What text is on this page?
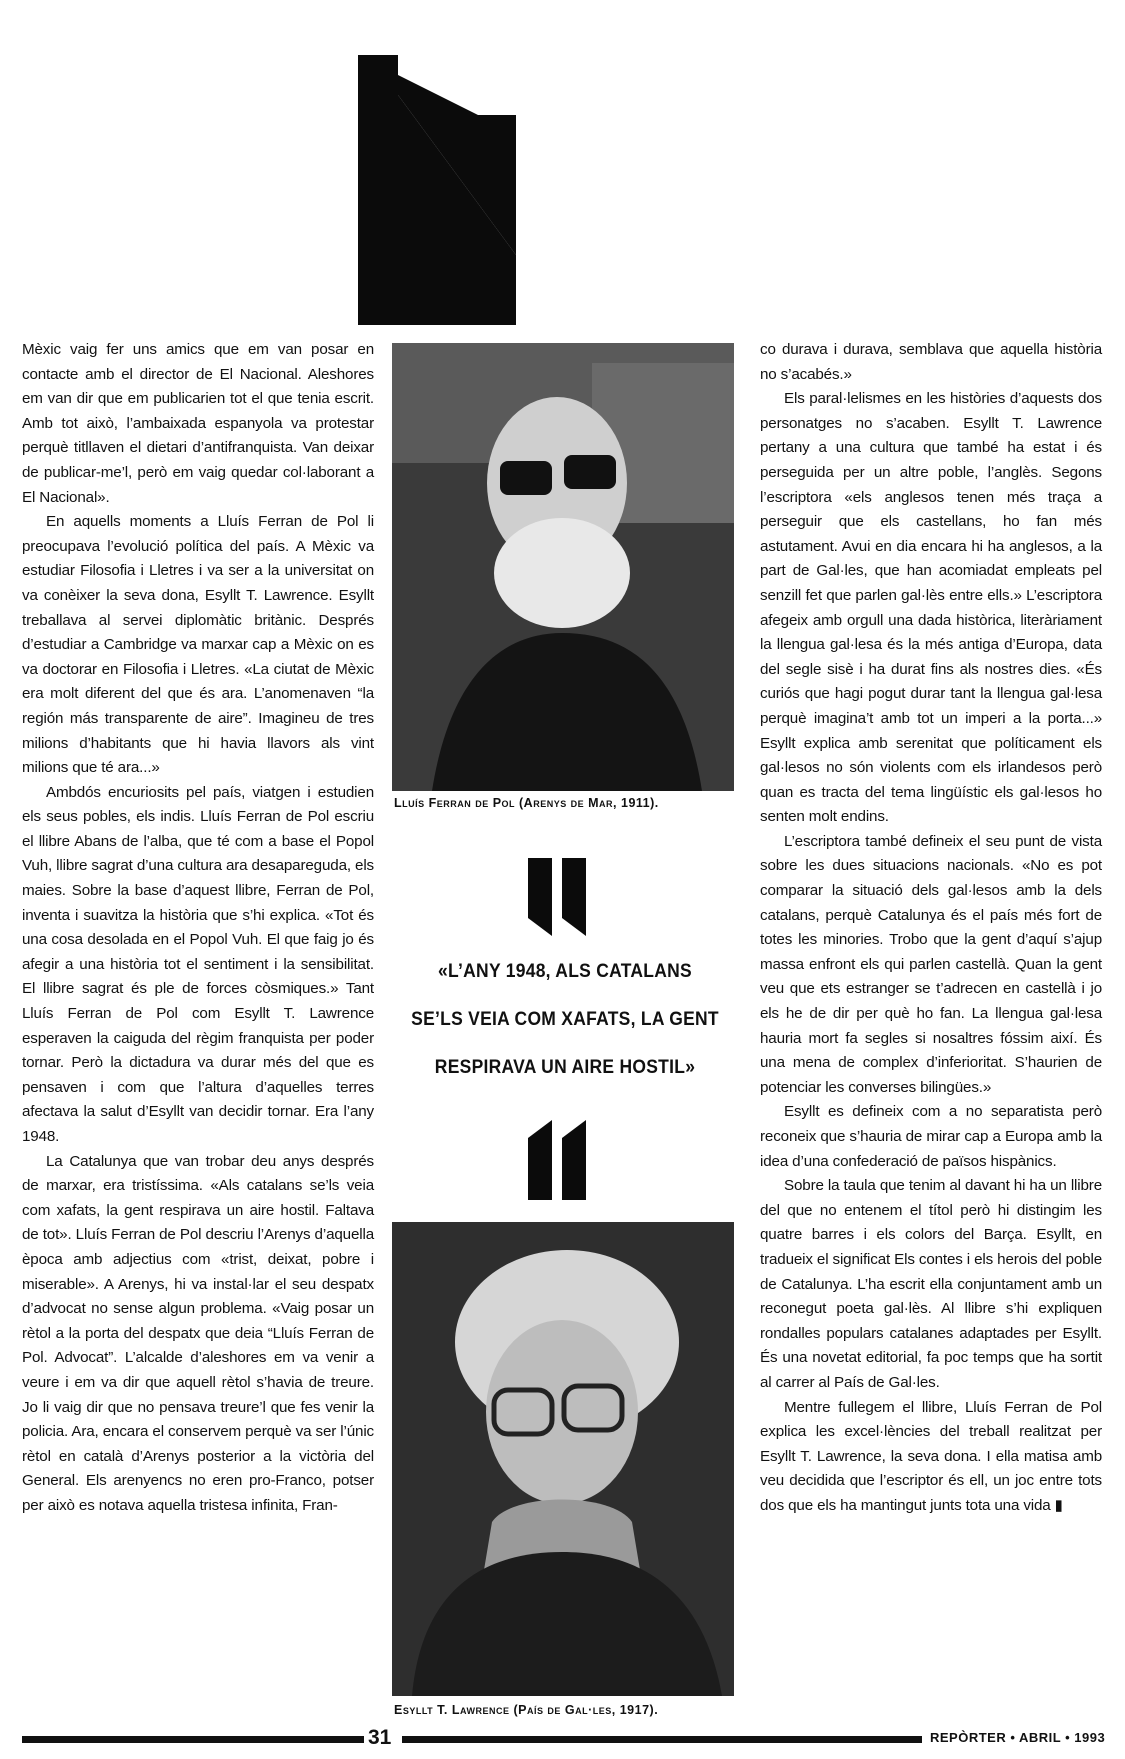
Mèxic vaig fer uns amics que em van posar en contacte amb el director de El Nacional. Aleshores em van dir que em publicarien tot el que tenia escrit. Amb tot això, l’ambaixada espanyola va protestar perquè titllaven el dietari d’antifranquista. Van deixar de publicar-me’l, però em vaig quedar col·laborant a El Nacional».

En aquells moments a Lluís Ferran de Pol li preocupava l’evolució política del país. A Mèxic va estudiar Filosofia i Lletres i va ser a la universitat on va conèixer la seva dona, Esyllt T. Lawrence. Esyllt treballava al servei diplomàtic britànic. Després d’estudiar a Cambridge va marxar cap a Mèxic on es va doctorar en Filosofia i Lletres. «La ciutat de Mèxic era molt diferent del que és ara. L’anomenaven “la región más transparente de aire”. Imagineu de tres milions d’habitants que hi havia llavors als vint milions que té ara...»

Ambdós encuriosits pel país, viatgen i estudien els seus pobles, els indis. Lluís Ferran de Pol escriu el llibre Abans de l’alba, que té com a base el Popol Vuh, llibre sagrat d’una cultura ara desapareguda, els maies. Sobre la base d’aquest llibre, Ferran de Pol, inventa i suavitza la història que s’hi explica. «Tot és una cosa desolada en el Popol Vuh. El que faig jo és afegir a una història tot el sentiment i la sensibilitat. El llibre sagrat és ple de forces còsmiques.» Tant Lluís Ferran de Pol com Esyllt T. Lawrence esperaven la caiguda del règim franquista per poder tornar. Però la dictadura va durar més del que es pensaven i com que l’altura d’aquelles terres afectava la salut d’Esyllt van decidir tornar. Era l’any 1948.

La Catalunya que van trobar deu anys després de marxar, era tristíssima. «Als catalans se’ls veia com xafats, la gent respirava un aire hostil. Faltava de tot». Lluís Ferran de Pol descriu l’Arenys d’aquella època amb adjectius com «trist, deixat, pobre i miserable». A Arenys, hi va instal·lar el seu despatx d’advocat no sense algun problema. «Vaig posar un rètol a la porta del despatx que deia “Lluís Ferran de Pol. Advocat”. L’alcalde d’aleshores em va venir a veure i em va dir que aquell rètol s’havia de treure. Jo li vaig dir que no pensava treure’l que fes venir la policia. Ara, encara el conservem perquè va ser l’únic rètol en català d’Arenys posterior a la victòria del General. Els arenyencs no eren pro-Franco, potser per això es notava aquella tristesa infinita, Fran-

Lluís Ferran de Pol (Arenys de Mar, 1911).
«L’ANY 1948, ALS CATALANS
SE’LS VEIA COM XAFATS, LA GENT
RESPIRAVA UN AIRE HOSTIL»
Esyllt T. Lawrence (País de Gal·les, 1917).

co durava i durava, semblava que aquella història no s’acabés.»

Els paral·lelismes en les històries d’aquests dos personatges no s’acaben. Esyllt T. Lawrence pertany a una cultura que també ha estat i és perseguida per un altre poble, l’anglès. Segons l’escriptora «els anglesos tenen més traça a perseguir que els castellans, ho fan més astutament. Avui en dia encara hi ha anglesos, a la part de Gal·les, que han acomiadat empleats pel senzill fet que parlen gal·lès entre ells.» L’escriptora afegeix amb orgull una dada històrica, literàriament la llengua gal·lesa és la més antiga d’Europa, data del segle sisè i ha durat fins als nostres dies. «És curiós que hagi pogut durar tant la llengua gal·lesa perquè imagina’t amb tot un imperi a la porta...» Esyllt explica amb serenitat que políticament els gal·lesos no són violents com els irlandesos però quan es tracta del tema lingüístic els gal·lesos ho senten molt endins.

L’escriptora també defineix el seu punt de vista sobre les dues situacions nacionals. «No es pot comparar la situació dels gal·lesos amb la dels catalans, perquè Catalunya és el país més fort de totes les minories. Trobo que la gent d’aquí s’ajup massa enfront els qui parlen castellà. Quan la gent veu que ets estranger se t’adrecen en castellà i jo els he de dir per què ho fan. La llengua gal·lesa hauria mort fa segles si nosaltres fóssim així. És una mena de complex d’inferioritat. S’haurien de potenciar les converses bilingües.»

Esyllt es defineix com a no separatista però reconeix que s’hauria de mirar cap a Europa amb la idea d’una confederació de països hispànics.

Sobre la taula que tenim al davant hi ha un llibre del que no entenem el títol però hi distingim les quatre barres i els colors del Barça. Esyllt, en tradueix el significat Els contes i els herois del poble de Catalunya. L’ha escrit ella conjuntament amb un reconegut poeta gal·lès. Al llibre s’hi expliquen rondalles populars catalanes adaptades per Esyllt. És una novetat editorial, fa poc temps que ha sortit al carrer al País de Gal·les.

Mentre fullegem el llibre, Lluís Ferran de Pol explica les excel·lències del treball realitzat per Esyllt T. Lawrence, la seva dona. I ella matisa amb veu decidida que l’escriptor és ell, un joc entre tots dos que els ha mantingut junts tota una vida ▮

31	REPÒRTER • ABRIL • 1993
